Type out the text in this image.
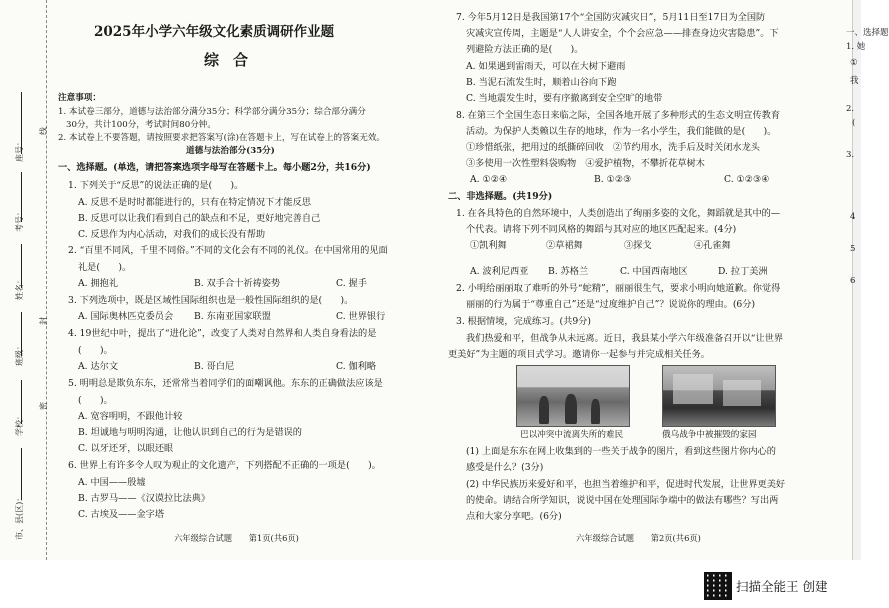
座号：
考号：
姓名：
班级：
学校：
市、县(区)：
线
封
密
2025年小学六年级文化素质调研作业题
综合
注意事项：
1. 本试卷三部分，道德与法治部分满分35分；科学部分满分35分；综合部分满分
30分，共计100分，考试时间80分钟。
2. 本试卷上不要答题，请按照要求把答案写(涂)在答题卡上，写在试卷上的答案无效。
道德与法治部分(35分)
一、选择题。(单选，请把答案选项字母写在答题卡上。每小题2分，共16分)
1. 下列关于“反思”的说法正确的是(　　)。
A. 反思不是时时都能进行的，只有在特定情况下才能反思
B. 反思可以让我们看到自己的缺点和不足，更好地完善自己
C. 反思作为内心活动，对我们的成长没有帮助
2. “百里不同风，千里不同俗。”不同的文化会有不同的礼仪。在中国常用的见面
礼是(　　)。
A. 拥抱礼	B. 双手合十祈祷姿势	C. 握手
3. 下列选项中，既是区域性国际组织也是一般性国际组织的是(　　)。
A. 国际奥林匹克委员会 B. 东南亚国家联盟	C. 世界银行
4. 19世纪中叶，提出了“进化论”，改变了人类对自然界和人类自身看法的是
(　　)。
A. 达尔文	B. 哥白尼	C. 伽利略
5. 明明总是欺负东东，还常常当着同学们的面嘲讽他。东东的正确做法应该是
(　　)。
A. 宽容明明，不跟他计较
B. 坦诚地与明明沟通，让他认识到自己的行为是错误的
C. 以牙还牙，以眼还眼
6. 世界上有许多令人叹为观止的文化遗产，下列搭配不正确的一项是(　　)。
A. 中国——殷墟
B. 古罗马——《汉谟拉比法典》
C. 古埃及——金字塔
六年级综合试题　　第1页(共6页)
7. 今年5月12日是我国第17个“全国防灾减灾日”，5月11日至17日为全国防
灾减灾宣传周，主题是“人人讲安全，个个会应急——排查身边灾害隐患”。下
列避险方法正确的是(　　)。
A. 如果遇到雷雨天，可以在大树下避雨
B. 当泥石流发生时，顺着山谷向下跑
C. 当地震发生时，要有序撤离到安全空旷的地带
8. 在第三个全国生态日来临之际，全国各地开展了多种形式的生态文明宣传教育
活动。为保护人类赖以生存的地球，作为一名小学生，我们能做的是(　　)。
①珍惜纸张，把用过的纸撕碎回收　②节约用水，洗手后及时关闭水龙头
③多使用一次性塑料袋购物　④爱护植物，不攀折花草树木
A. ①②④	B. ①②③	C. ①②③④
二、非选择题。(共19分)
1. 在各具特色的自然环境中，人类创造出了绚丽多姿的文化，舞蹈就是其中的—
个代表。请将下列不同风格的舞蹈与其对应的地区匹配起来。(4分)
①凯利舞	②草裙舞	③探戈	④孔雀舞
A. 波利尼西亚 B. 苏格兰	C. 中国西南地区	D. 拉丁美洲
2. 小明给丽丽取了难听的外号“蛇精”，丽丽很生气，要求小明向她道歉。你觉得
丽丽的行为属于“尊重自己”还是“过度维护自己”？说说你的理由。(6分)
3. 根据情境，完成练习。(共9分)
我们热爱和平，但战争从未远离。近日，我县某小学六年级准备召开以“让世界
更美好”为主题的项目式学习。邀请你一起参与并完成相关任务。
巴以冲突中流离失所的难民	俄乌战争中被摧毁的家园
(1) 上面是东东在网上收集到的一些关于战争的图片，看到这些图片你内心的
感受是什么？(3分)
(2) 中华民族历来爱好和平，也担当着维护和平，促进时代发展，让世界更美好
的使命。请结合所学知识，说说中国在处理国际争端中的做法有哪些？写出两
点和大家分享吧。(6分)
六年级综合试题　　第2页(共6页)
一、选择题
1. 她
①
我
2.
(
3.
4
5
6
扫描全能王 创建
